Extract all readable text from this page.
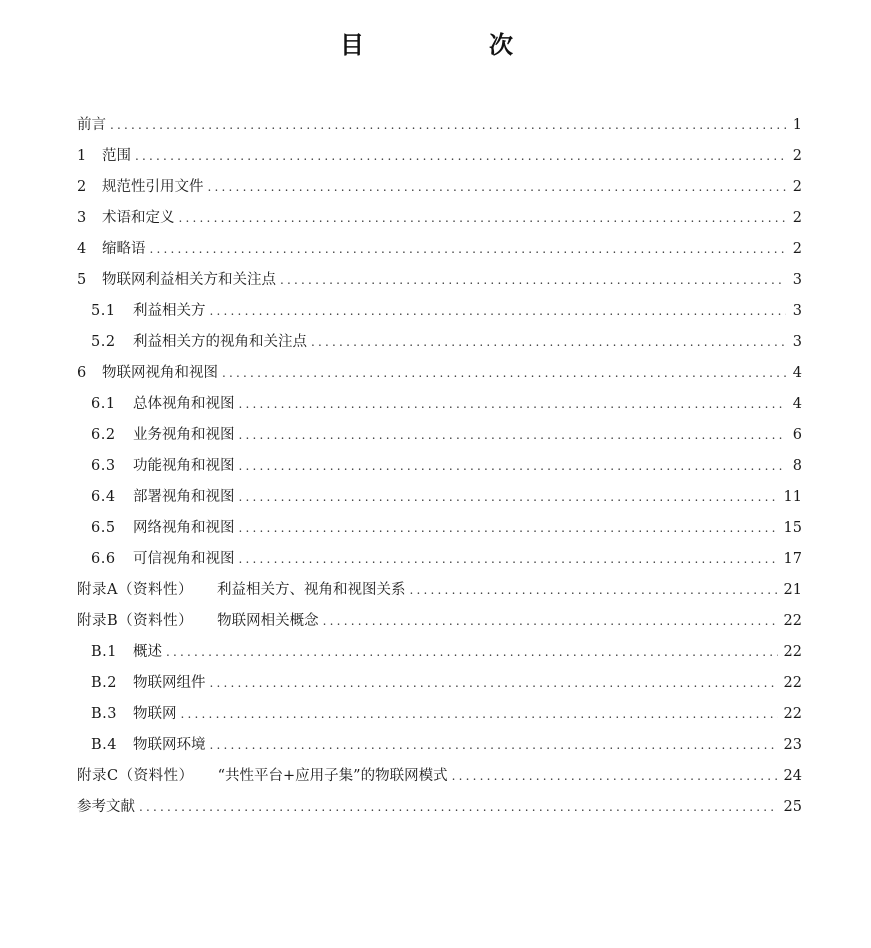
目	次
前言 .....	1
1	范围 .....	2
2	规范性引用文件 .....	2
3	术语和定义 .....	2
4	缩略语 .....	2
5	物联网利益相关方和关注点 .....	3
5.1	利益相关方 .....	3
5.2	利益相关方的视角和关注点 .....	3
6	物联网视角和视图 .....	4
6.1	总体视角和视图 .....	4
6.2	业务视角和视图 .....	6
6.3	功能视角和视图 .....	8
6.4	部署视角和视图 .....	11
6.5	网络视角和视图 .....	15
6.6	可信视角和视图 .....	17
附录A（资料性） 利益相关方、视角和视图关系 .....	21
附录B（资料性） 物联网相关概念 .....	22
B.1	概述 .....	22
B.2	物联网组件 .....	22
B.3	物联网 .....	22
B.4	物联网环境 .....	23
附录C（资料性） “共性平台+应用子集”的物联网模式 .....	24
参考文献 .....	25
